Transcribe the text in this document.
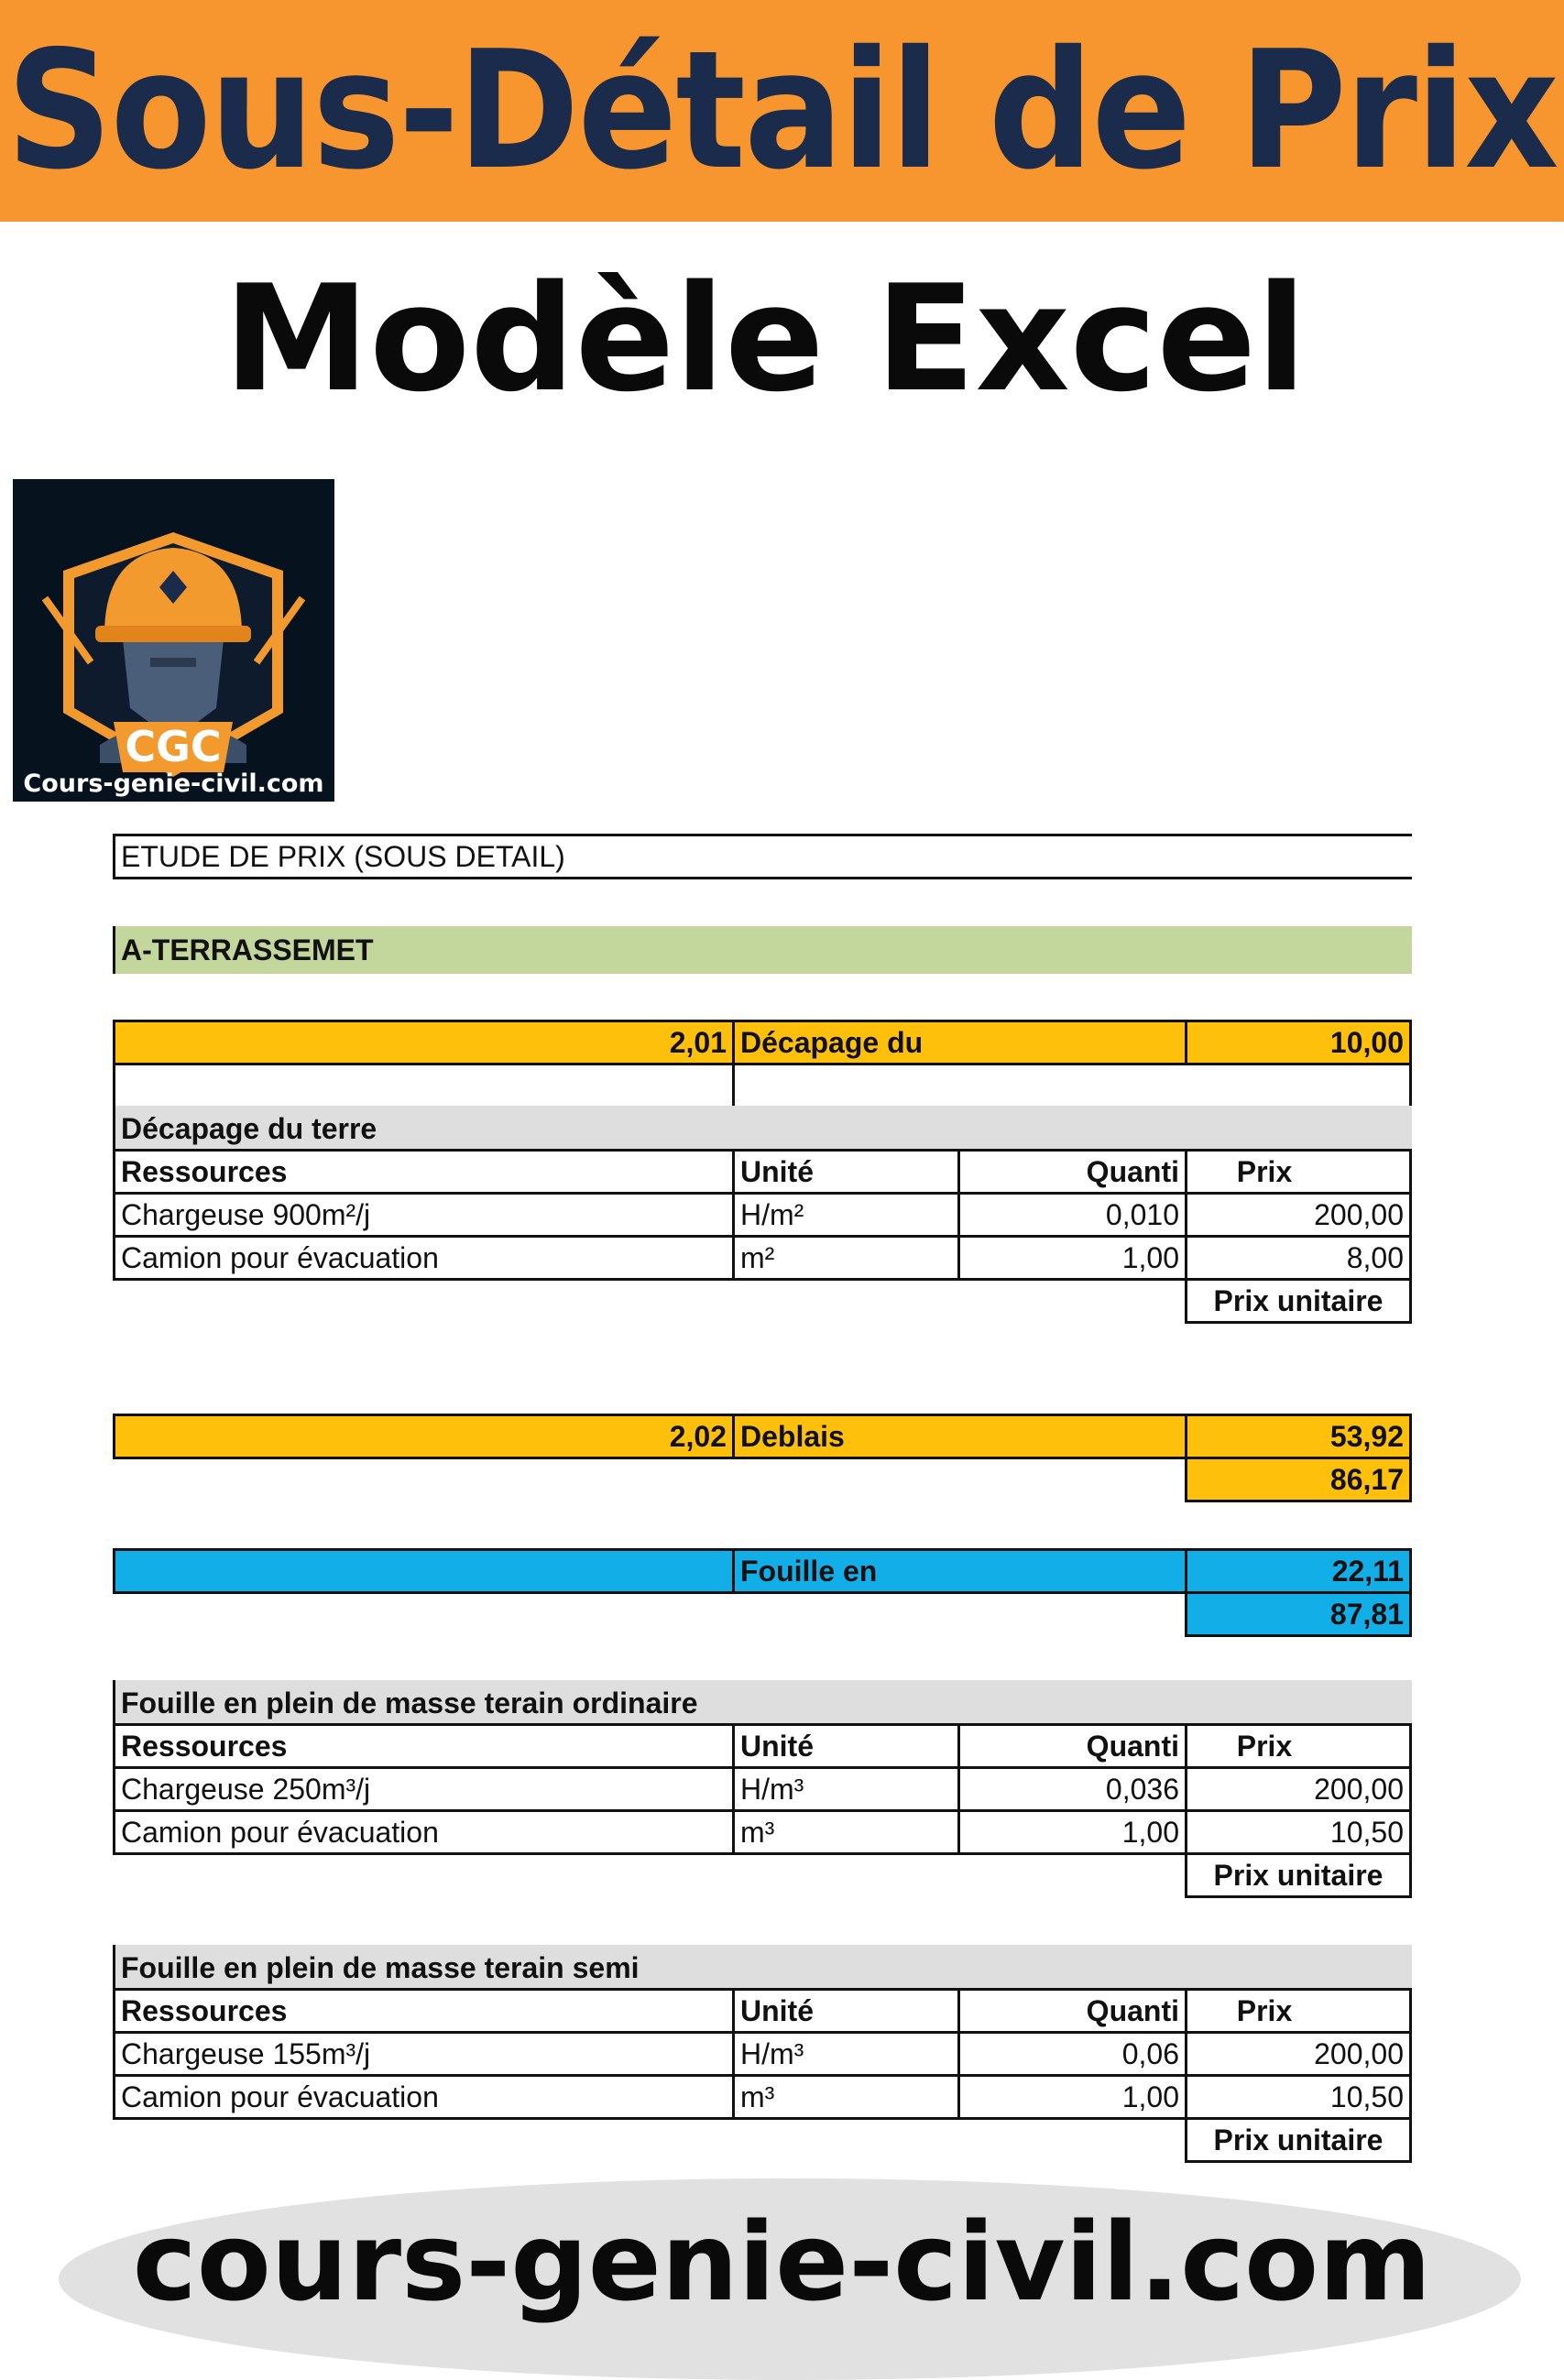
Sous-Détail de Prix
Modèle Excel
CGC
Cours-genie-civil.com
ETUDE DE PRIX (SOUS DETAIL)
A-TERRASSEMET
2,01 Décapage du	10,00
Décapage du terre
Ressources	Unité	Quanti	Prix
Chargeuse 900m²/j	H/m²	0,010	200,00
Camion pour évacuation	m²	1,00	8,00
Prix unitaire
2,02 Deblais	53,92
86,17
Fouille en	22,11
87,81
Fouille en plein de masse terain ordinaire
Ressources	Unité	Quanti	Prix
Chargeuse 250m³/j	H/m³	0,036	200,00
Camion pour évacuation	m³	1,00	10,50
Prix unitaire
Fouille en plein de masse terain semi
Ressources	Unité	Quanti	Prix
Chargeuse 155m³/j	H/m³	0,06	200,00
Camion pour évacuation	m³	1,00	10,50
Prix unitaire
cours-genie-civil.com
